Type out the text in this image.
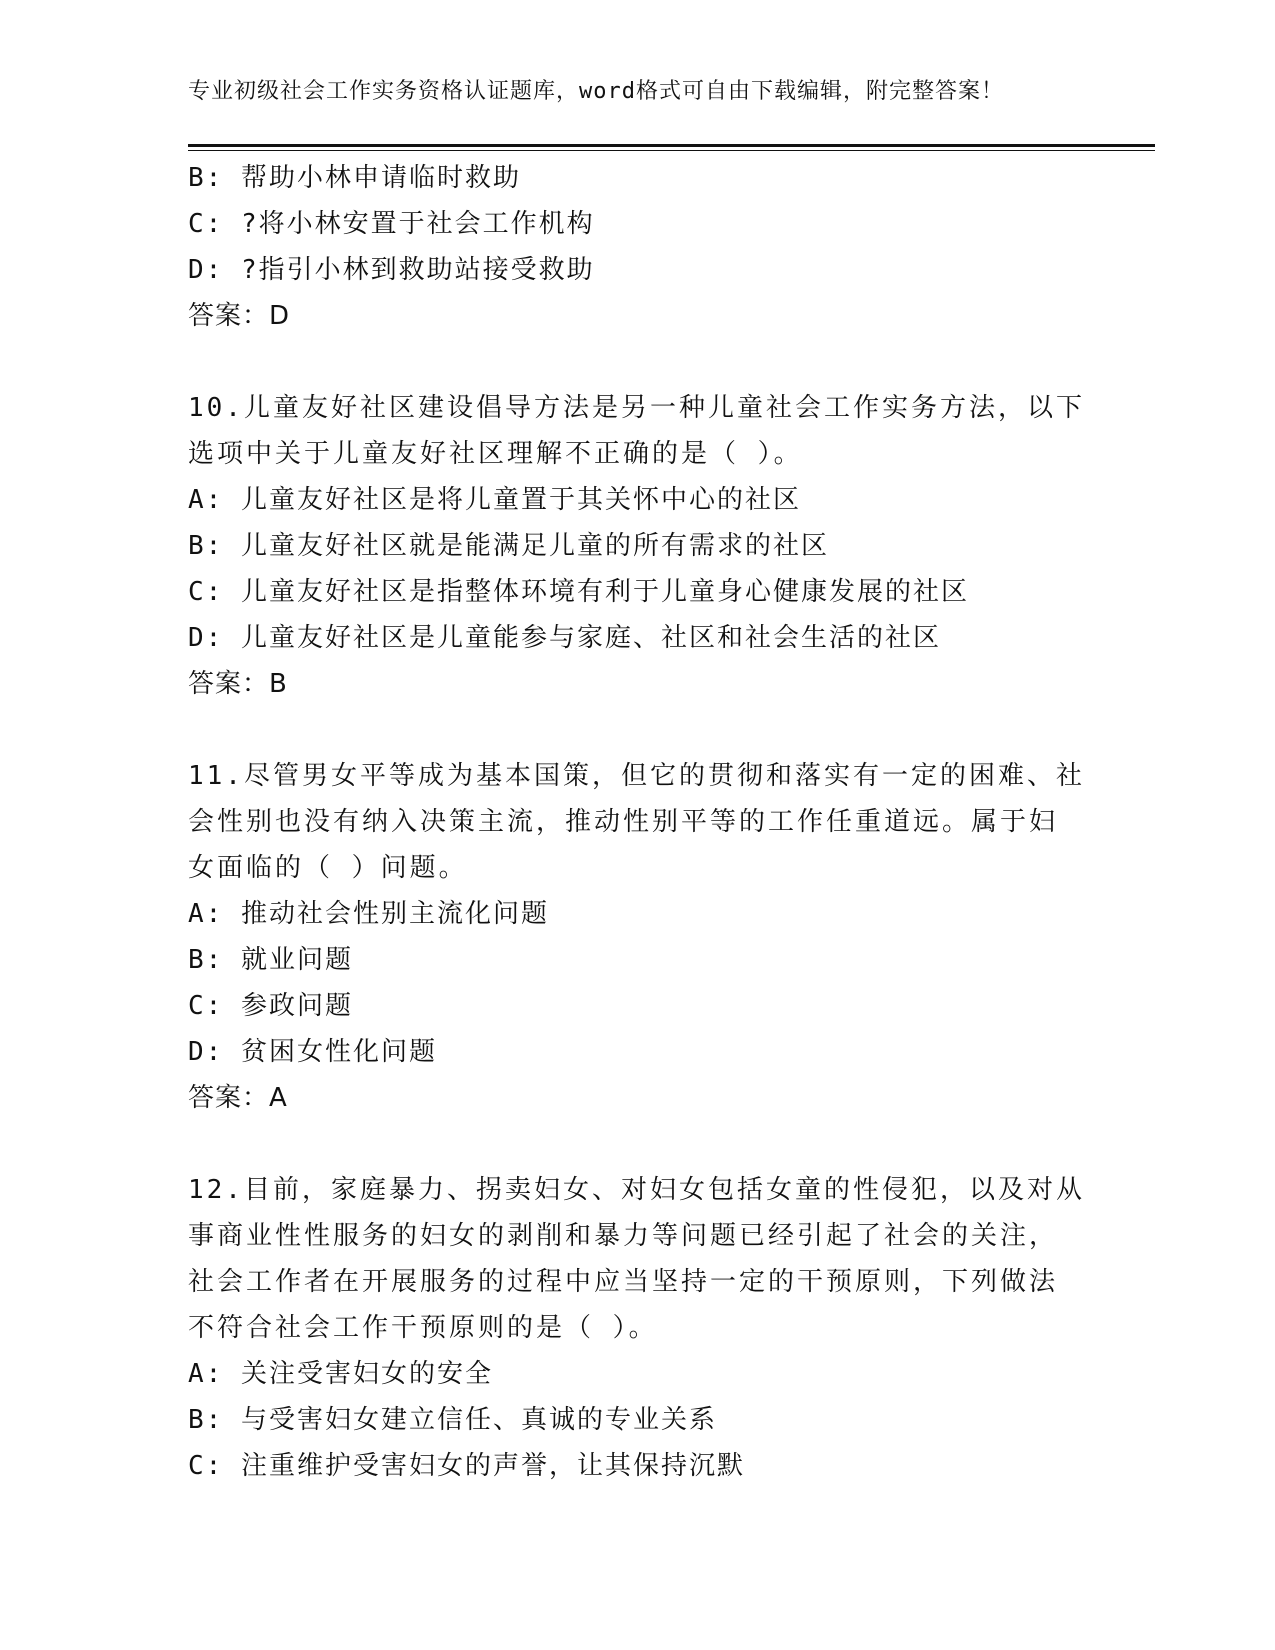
专业初级社会工作实务资格认证题库，word格式可自由下载编辑，附完整答案！
B: 帮助小林申请临时救助
C: ?将小林安置于社会工作机构
D: ?指引小林到救助站接受救助
答案：D
10.儿童友好社区建设倡导方法是另一种儿童社会工作实务方法，以下
选项中关于儿童友好社区理解不正确的是（ ）。
A: 儿童友好社区是将儿童置于其关怀中心的社区
B: 儿童友好社区就是能满足儿童的所有需求的社区
C: 儿童友好社区是指整体环境有利于儿童身心健康发展的社区
D: 儿童友好社区是儿童能参与家庭、社区和社会生活的社区
答案：B
11.尽管男女平等成为基本国策，但它的贯彻和落实有一定的困难、社
会性别也没有纳入决策主流，推动性别平等的工作任重道远。属于妇
女面临的（ ）问题。
A: 推动社会性别主流化问题
B: 就业问题
C: 参政问题
D: 贫困女性化问题
答案：A
12.目前，家庭暴力、拐卖妇女、对妇女包括女童的性侵犯，以及对从
事商业性性服务的妇女的剥削和暴力等问题已经引起了社会的关注，
社会工作者在开展服务的过程中应当坚持一定的干预原则，下列做法
不符合社会工作干预原则的是（ ）。
A: 关注受害妇女的安全
B: 与受害妇女建立信任、真诚的专业关系
C: 注重维护受害妇女的声誉，让其保持沉默
